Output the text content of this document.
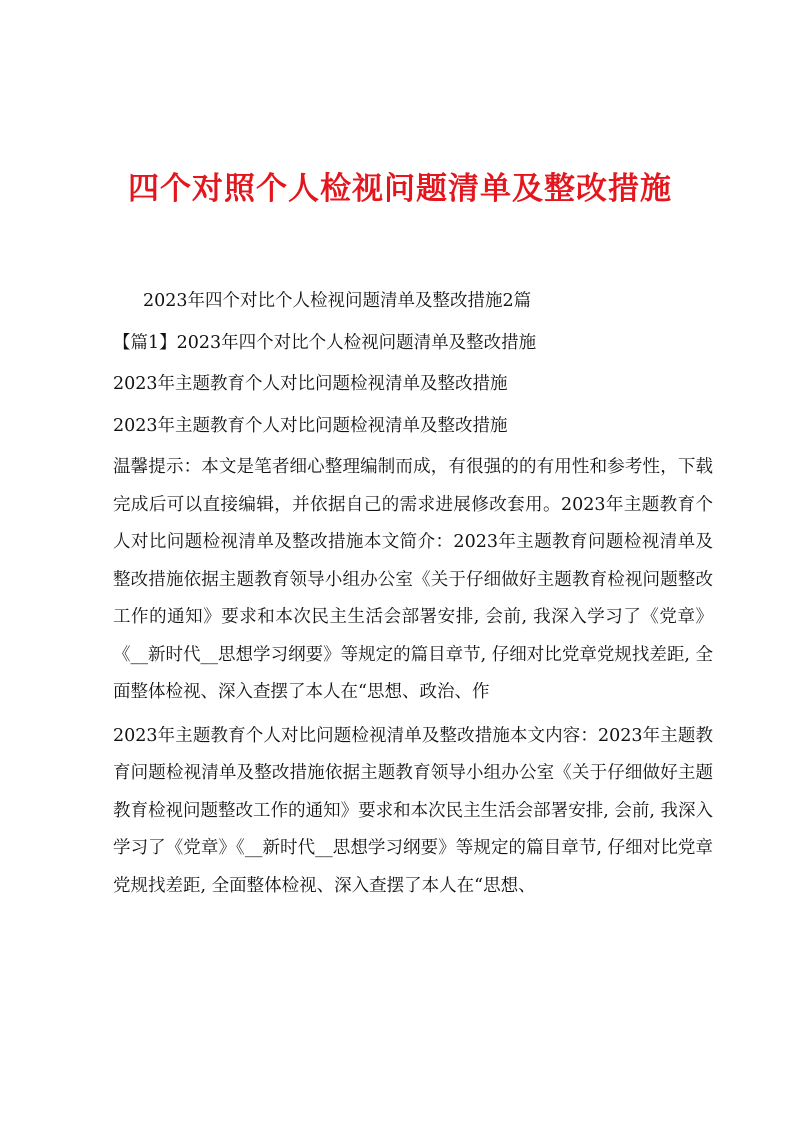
四个对照个人检视问题清单及整改措施

2023年四个对比个人检视问题清单及整改措施2篇

【篇1】2023年四个对比个人检视问题清单及整改措施

2023年主题教育个人对比问题检视清单及整改措施

2023年主题教育个人对比问题检视清单及整改措施

温馨提示：本文是笔者细心整理编制而成，有很强的的有用性和参考性，下载完成后可以直接编辑，并依据自己的需求进展修改套用。2023年主题教育个人对比问题检视清单及整改措施本文简介：2023年主题教育问题检视清单及整改措施依据主题教育领导小组办公室《关于仔细做好主题教育检视问题整改工作的通知》要求和本次民主生活会部署安排, 会前, 我深入学习了《党章》《__新时代__思想学习纲要》等规定的篇目章节, 仔细对比党章党规找差距, 全面整体检视、深入查摆了本人在“思想、政治、作

2023年主题教育个人对比问题检视清单及整改措施本文内容：2023年主题教育问题检视清单及整改措施依据主题教育领导小组办公室《关于仔细做好主题教育检视问题整改工作的通知》要求和本次民主生活会部署安排, 会前, 我深入学习了《党章》《__新时代__思想学习纲要》等规定的篇目章节, 仔细对比党章党规找差距, 全面整体检视、深入查摆了本人在“思想、
